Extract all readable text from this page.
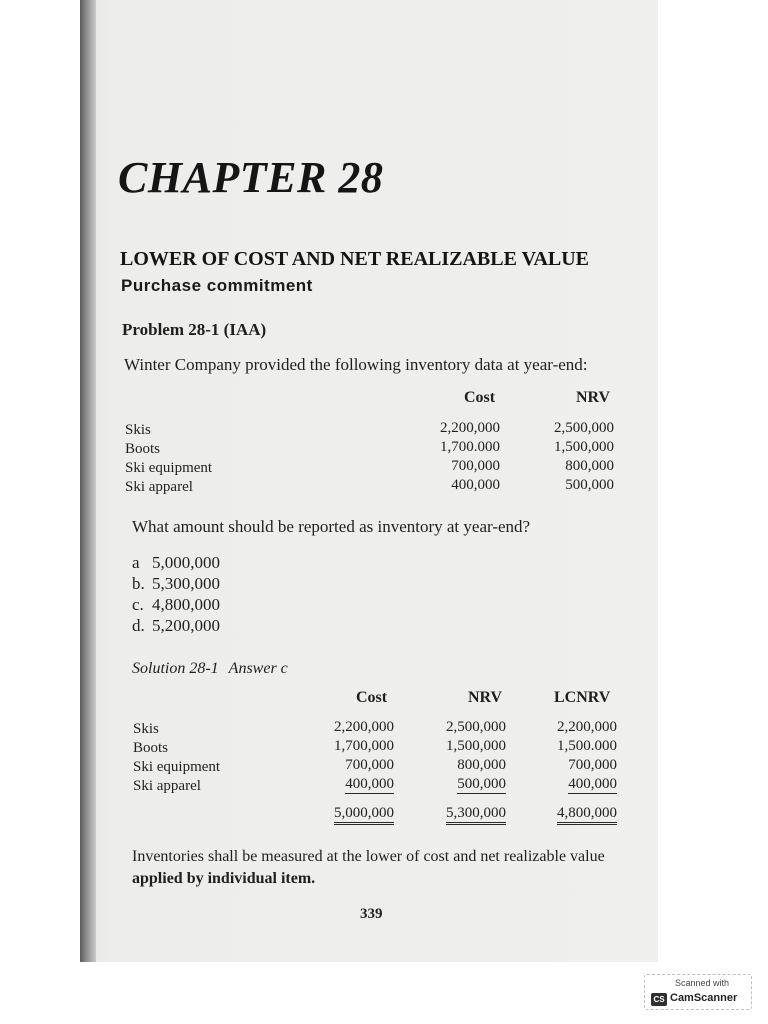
CHAPTER 28
LOWER OF COST AND NET REALIZABLE VALUE
Purchase commitment
Problem 28-1 (IAA)
Winter Company provided the following inventory data at year-end:
Cost	NRV
Skis	2,200,000	2,500,000
Boots	1,700.000	1,500,000
Ski equipment	700,000	800,000
Ski apparel	400,000	500,000
What amount should be reported as inventory at year-end?
a 5,000,000
b. 5,300,000
c. 4,800,000
d. 5,200,000
Solution 28-1 Answer c
Cost	NRV	LCNRV
Skis	2,200,000	2,500,000	2,200,000
Boots	1,700,000	1,500,000	1,500.000
Ski equipment	700,000	800,000	700,000
Ski apparel	400,000	500,000	400,000
5,000,000	5,300,000	4,800,000
Inventories shall be measured at the lower of cost and net realizable value applied by individual item.
339
Scanned with
CS CamScanner
